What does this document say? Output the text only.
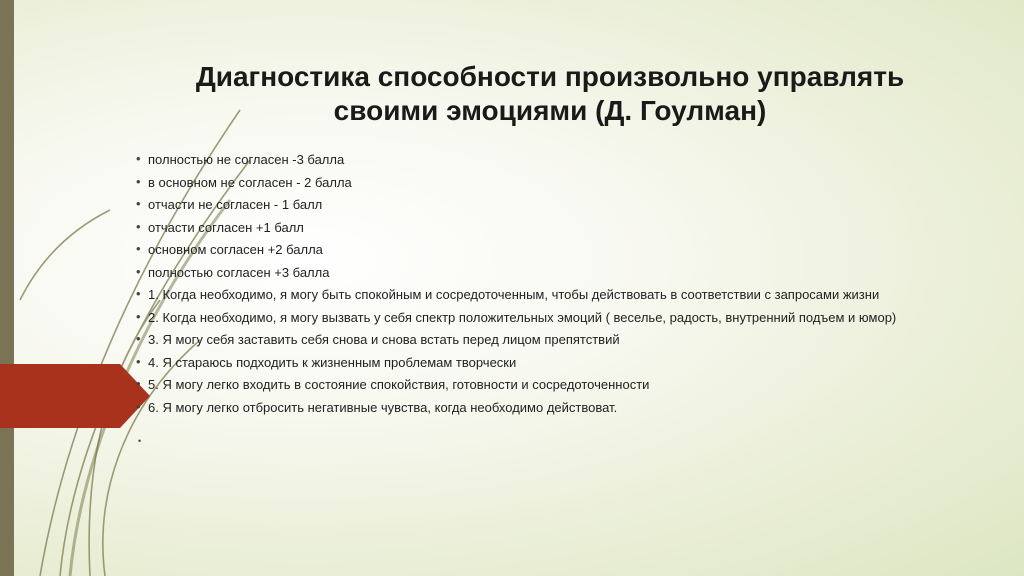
Диагностика способности произвольно управлять
своими эмоциями (Д. Гоулман)
• полностью не согласен -3 балла
• в основном не согласен - 2 балла
• отчасти не согласен - 1 балл
• отчасти согласен +1 балл
• основном согласен +2 балла
• полностью согласен +3 балла
• 1. Когда необходимо, я могу быть спокойным и сосредоточенным, чтобы действовать в соответствии с запросами жизни
• 2. Когда необходимо, я могу вызвать у себя спектр положительных эмоций ( веселье, радость, внутренний подъем и юмор)
• 3. Я могу себя заставить себя снова и снова встать перед лицом препятствий
• 4. Я стараюсь подходить к жизненным проблемам творчески
• 5. Я могу легко входить в состояние спокойствия, готовности и сосредоточенности
• 6. Я могу легко отбросить негативные чувства, когда необходимо действоват.
•
